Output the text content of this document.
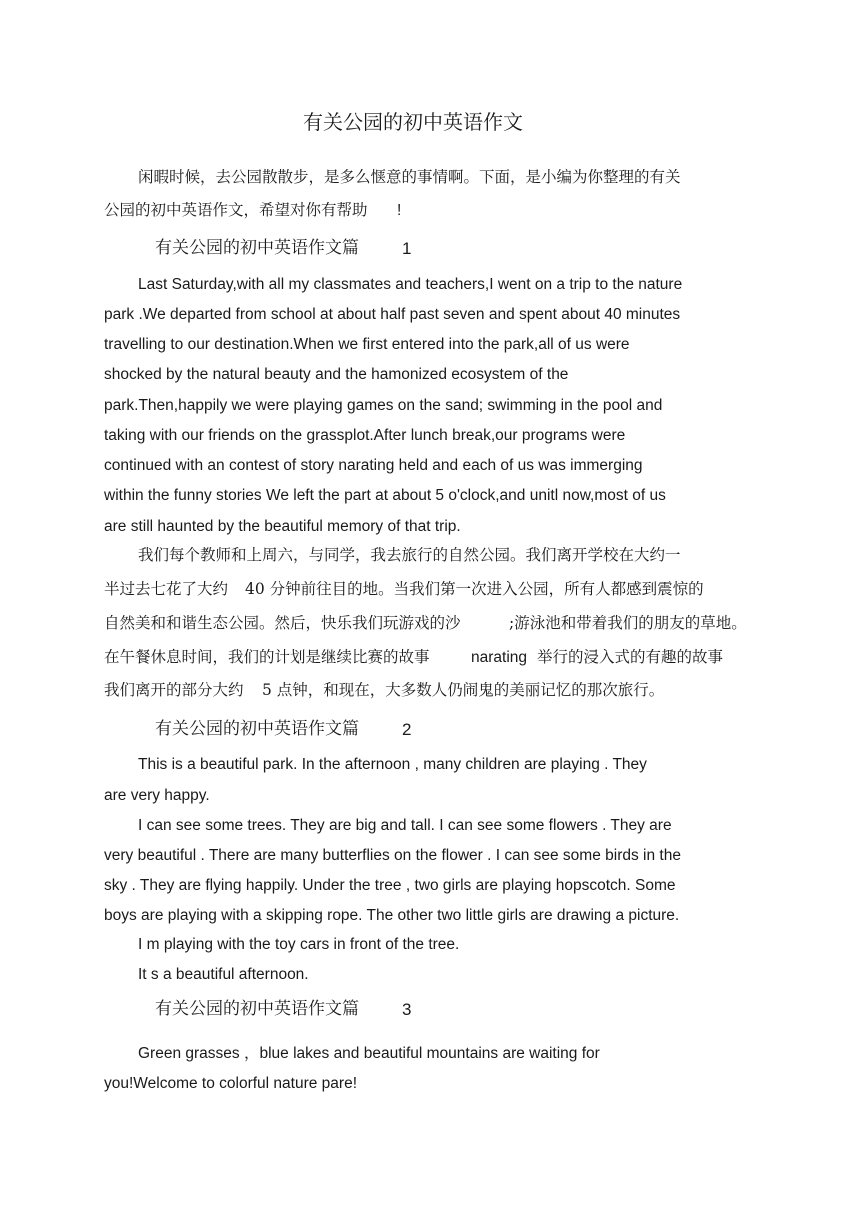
有关公园的初中英语作文
闲暇时候，去公园散散步，是多么惬意的事情啊。下面，是小编为你整理的有关
公园的初中英语作文，希望对你有帮助 !
有关公园的初中英语作文篇	1
Last Saturday,with all my classmates and teachers,I went on a trip to the nature
park .We departed from school at about half past seven and spent about 40 minutes
travelling to our destination.When we first entered into the park,all of us were
shocked by the natural beauty and the hamonized ecosystem of the
park.Then,happily we were playing games on the sand; swimming in the pool and
taking with our friends on the grassplot.After lunch break,our programs were
continued with an contest of story narating held and each of us was immerging
within the funny stories We left the part at about 5 o'clock,and unitl now,most of us
are still haunted by the beautiful memory of that trip.
我们每个教师和上周六，与同学，我去旅行的自然公园。我们离开学校在大约一
半过去七花了大约 40 分钟前往目的地。当我们第一次进入公园，所有人都感到震惊的
自然美和和谐生态公园。然后，快乐我们玩游戏的沙	;游泳池和带着我们的朋友的草地。
在午餐休息时间，我们的计划是继续比赛的故事	narating 举行的浸入式的有趣的故事
我们离开的部分大约 5 点钟，和现在，大多数人仍闹鬼的美丽记忆的那次旅行。
有关公园的初中英语作文篇	2
This is a beautiful park. In the afternoon , many children are playing . They
are very happy.
I can see some trees. They are big and tall. I can see some flowers . They are
very beautiful . There are many butterflies on the flower . I can see some birds in the
sky . They are flying happily. Under the tree , two girls are playing hopscotch. Some
boys are playing with a skipping rope. The other two little girls are drawing a picture.
I m playing with the toy cars in front of the tree.
It s a beautiful afternoon.
有关公园的初中英语作文篇	3
Green grasses ，blue lakes and beautiful mountains are waiting for
you!Welcome to colorful nature pare!
